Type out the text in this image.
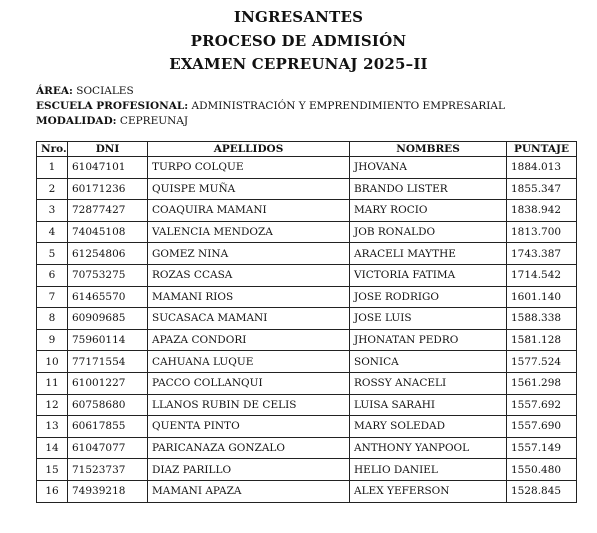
INGRESANTES
PROCESO DE ADMISIÓN
EXAMEN CEPREUNAJ 2025–II
ÁREA: SOCIALES
ESCUELA PROFESIONAL: ADMINISTRACIÓN Y EMPRENDIMIENTO EMPRESARIAL
MODALIDAD: CEPREUNAJ
Nro.	DNI	APELLIDOS	NOMBRES	PUNTAJE
1	61047101	TURPO COLQUE	JHOVANA	1884.013
2	60171236	QUISPE MUÑA	BRANDO LISTER	1855.347
3	72877427	COAQUIRA MAMANI	MARY ROCIO	1838.942
4	74045108	VALENCIA MENDOZA	JOB RONALDO	1813.700
5	61254806	GOMEZ NINA	ARACELI MAYTHE	1743.387
6	70753275	ROZAS CCASA	VICTORIA FATIMA	1714.542
7	61465570	MAMANI RIOS	JOSE RODRIGO	1601.140
8	60909685	SUCASACA MAMANI	JOSE LUIS	1588.338
9	75960114	APAZA CONDORI	JHONATAN PEDRO	1581.128
10	77171554	CAHUANA LUQUE	SONICA	1577.524
11	61001227	PACCO COLLANQUI	ROSSY ANACELI	1561.298
12	60758680	LLANOS RUBIN DE CELIS	LUISA SARAHI	1557.692
13	60617855	QUENTA PINTO	MARY SOLEDAD	1557.690
14	61047077	PARICANAZA GONZALO	ANTHONY YANPOOL	1557.149
15	71523737	DIAZ PARILLO	HELIO DANIEL	1550.480
16	74939218	MAMANI APAZA	ALEX YEFERSON	1528.845
